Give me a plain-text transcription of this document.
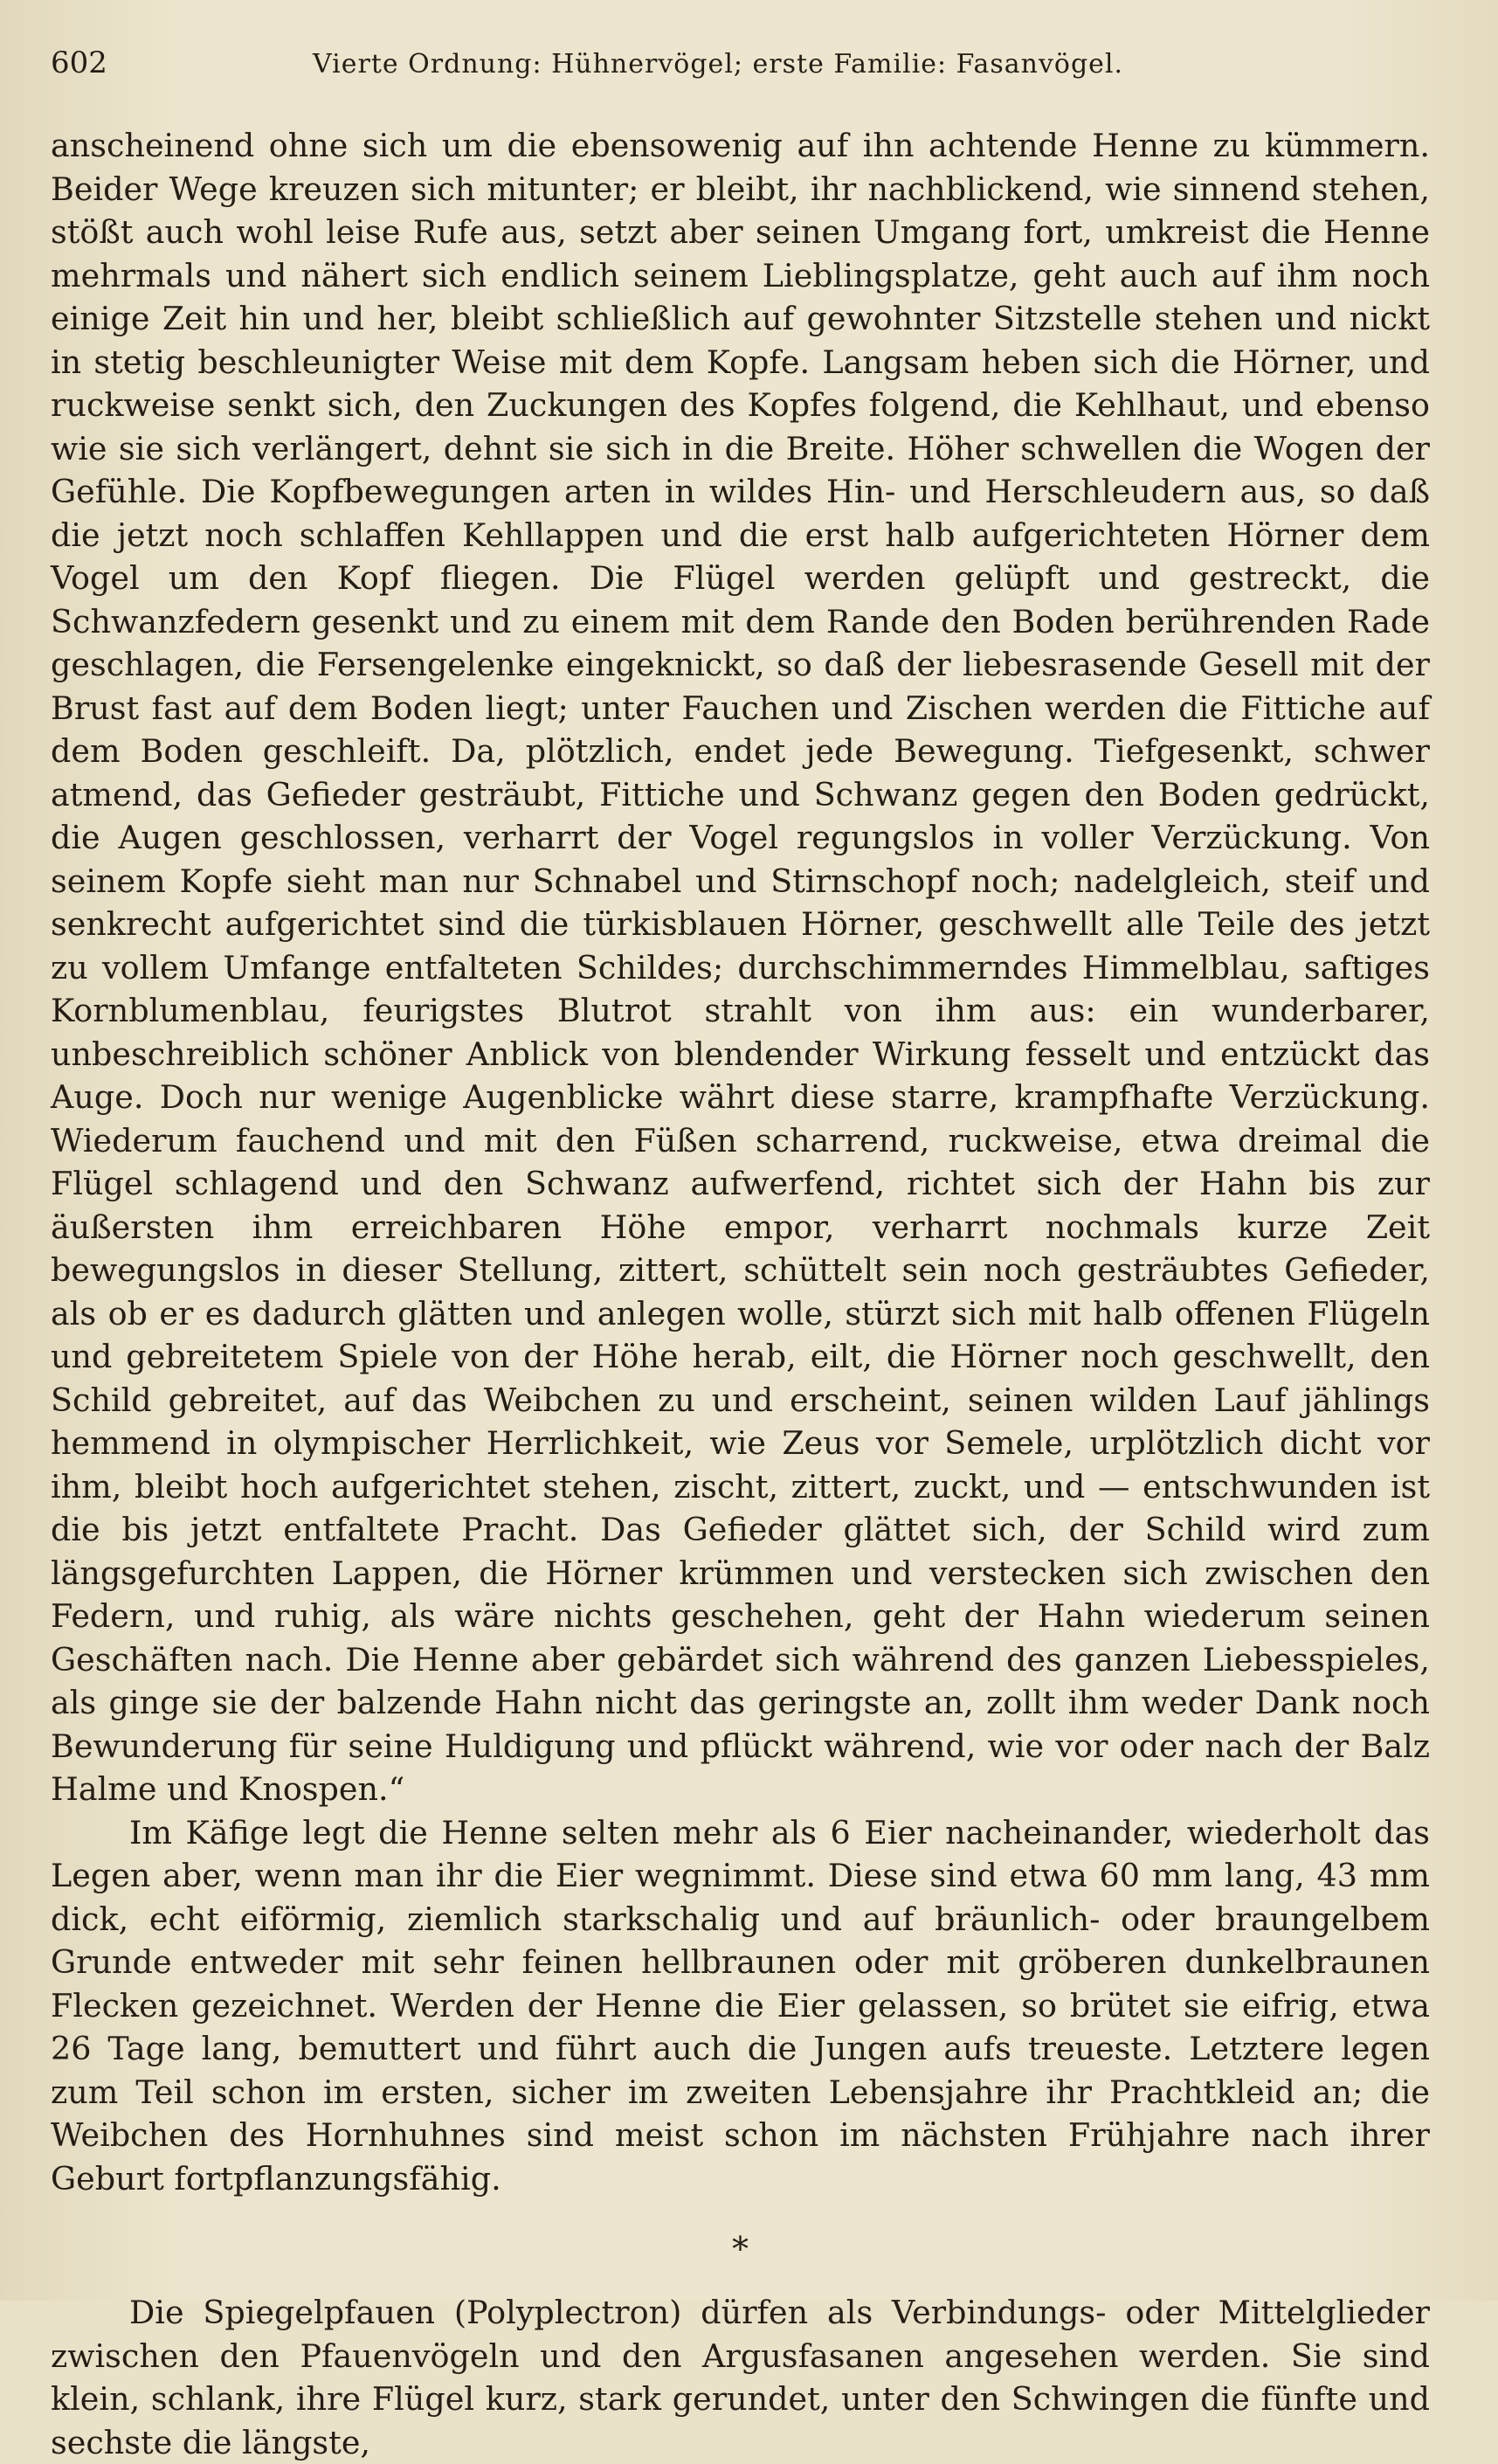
602	Vierte Ordnung: Hühnervögel; erste Familie: Fasanvögel.

anscheinend ohne sich um die ebensowenig auf ihn achtende Henne zu kümmern. Beider Wege kreuzen sich mitunter; er bleibt, ihr nachblickend, wie sinnend stehen, stößt auch wohl leise Rufe aus, setzt aber seinen Umgang fort, umkreist die Henne mehrmals und nähert sich endlich seinem Lieblingsplatze, geht auch auf ihm noch einige Zeit hin und her, bleibt schließlich auf gewohnter Sitzstelle stehen und nickt in stetig beschleunigter Weise mit dem Kopfe. Langsam heben sich die Hörner, und ruckweise senkt sich, den Zuckungen des Kopfes folgend, die Kehlhaut, und ebenso wie sie sich verlängert, dehnt sie sich in die Breite. Höher schwellen die Wogen der Gefühle. Die Kopfbewegungen arten in wildes Hin- und Herschleudern aus, so daß die jetzt noch schlaffen Kehllappen und die erst halb aufgerichteten Hörner dem Vogel um den Kopf fliegen. Die Flügel werden gelüpft und gestreckt, die Schwanzfedern gesenkt und zu einem mit dem Rande den Boden berührenden Rade geschlagen, die Fersengelenke eingeknickt, so daß der liebesrasende Gesell mit der Brust fast auf dem Boden liegt; unter Fauchen und Zischen werden die Fittiche auf dem Boden geschleift. Da, plötzlich, endet jede Bewegung. Tiefgesenkt, schwer atmend, das Gefieder gesträubt, Fittiche und Schwanz gegen den Boden gedrückt, die Augen geschlossen, verharrt der Vogel regungslos in voller Verzückung. Von seinem Kopfe sieht man nur Schnabel und Stirnschopf noch; nadelgleich, steif und senkrecht aufgerichtet sind die türkisblauen Hörner, geschwellt alle Teile des jetzt zu vollem Umfange entfalteten Schildes; durchschimmerndes Himmelblau, saftiges Kornblumenblau, feurigstes Blutrot strahlt von ihm aus: ein wunderbarer, unbeschreiblich schöner Anblick von blendender Wirkung fesselt und entzückt das Auge. Doch nur wenige Augenblicke währt diese starre, krampfhafte Verzückung. Wiederum fauchend und mit den Füßen scharrend, ruckweise, etwa dreimal die Flügel schlagend und den Schwanz aufwerfend, richtet sich der Hahn bis zur äußersten ihm erreichbaren Höhe empor, verharrt nochmals kurze Zeit bewegungslos in dieser Stellung, zittert, schüttelt sein noch gesträubtes Gefieder, als ob er es dadurch glätten und anlegen wolle, stürzt sich mit halb offenen Flügeln und gebreitetem Spiele von der Höhe herab, eilt, die Hörner noch geschwellt, den Schild gebreitet, auf das Weibchen zu und erscheint, seinen wilden Lauf jählings hemmend in olympischer Herrlichkeit, wie Zeus vor Semele, urplötzlich dicht vor ihm, bleibt hoch aufgerichtet stehen, zischt, zittert, zuckt, und — entschwunden ist die bis jetzt entfaltete Pracht. Das Gefieder glättet sich, der Schild wird zum längsgefurchten Lappen, die Hörner krümmen und verstecken sich zwischen den Federn, und ruhig, als wäre nichts geschehen, geht der Hahn wiederum seinen Geschäften nach. Die Henne aber gebärdet sich während des ganzen Liebesspieles, als ginge sie der balzende Hahn nicht das geringste an, zollt ihm weder Dank noch Bewunderung für seine Huldigung und pflückt während, wie vor oder nach der Balz Halme und Knospen.“

Im Käfige legt die Henne selten mehr als 6 Eier nacheinander, wiederholt das Legen aber, wenn man ihr die Eier wegnimmt. Diese sind etwa 60 mm lang, 43 mm dick, echt eiförmig, ziemlich starkschalig und auf bräunlich- oder braungelbem Grunde entweder mit sehr feinen hellbraunen oder mit gröberen dunkelbraunen Flecken gezeichnet. Werden der Henne die Eier gelassen, so brütet sie eifrig, etwa 26 Tage lang, bemuttert und führt auch die Jungen aufs treueste. Letztere legen zum Teil schon im ersten, sicher im zweiten Lebensjahre ihr Prachtkleid an; die Weibchen des Hornhuhnes sind meist schon im nächsten Frühjahre nach ihrer Geburt fortpflanzungsfähig.

*

Die Spiegelpfauen (Polyplectron) dürfen als Verbindungs- oder Mittelglieder zwischen den Pfauenvögeln und den Argusfasanen angesehen werden. Sie sind klein, schlank, ihre Flügel kurz, stark gerundet, unter den Schwingen die fünfte und sechste die längste,
